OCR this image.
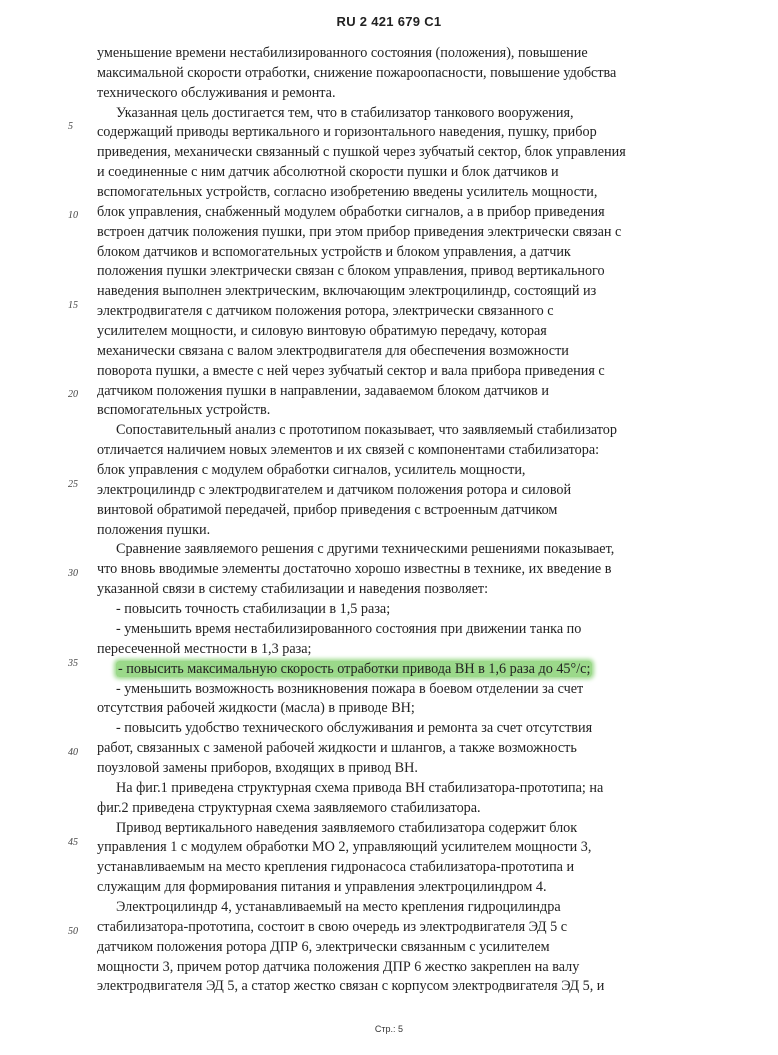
RU 2 421 679 C1
5
10
15
20
25
30
35
40
45
50
уменьшение времени нестабилизированного состояния (положения), повышение
максимальной скорости отработки, снижение пожароопасности, повышение удобства
технического обслуживания и ремонта.
Указанная цель достигается тем, что в стабилизатор танкового вооружения,
содержащий приводы вертикального и горизонтального наведения, пушку, прибор
приведения, механически связанный с пушкой через зубчатый сектор, блок управления
и соединенные с ним датчик абсолютной скорости пушки и блок датчиков и
вспомогательных устройств, согласно изобретению введены усилитель мощности,
блок управления, снабженный модулем обработки сигналов, а в прибор приведения
встроен датчик положения пушки, при этом прибор приведения электрически связан с
блоком датчиков и вспомогательных устройств и блоком управления, а датчик
положения пушки электрически связан с блоком управления, привод вертикального
наведения выполнен электрическим, включающим электроцилиндр, состоящий из
электродвигателя с датчиком положения ротора, электрически связанного с
усилителем мощности, и силовую винтовую обратимую передачу, которая
механически связана с валом электродвигателя для обеспечения возможности
поворота пушки, а вместе с ней через зубчатый сектор и вала прибора приведения с
датчиком положения пушки в направлении, задаваемом блоком датчиков и
вспомогательных устройств.
Сопоставительный анализ с прототипом показывает, что заявляемый стабилизатор
отличается наличием новых элементов и их связей с компонентами стабилизатора:
блок управления с модулем обработки сигналов, усилитель мощности,
электроцилиндр с электродвигателем и датчиком положения ротора и силовой
винтовой обратимой передачей, прибор приведения с встроенным датчиком
положения пушки.
Сравнение заявляемого решения с другими техническими решениями показывает,
что вновь вводимые элементы достаточно хорошо известны в технике, их введение в
указанной связи в систему стабилизации и наведения позволяет:
- повысить точность стабилизации в 1,5 раза;
- уменьшить время нестабилизированного состояния при движении танка по
пересеченной местности в 1,3 раза;
- повысить максимальную скорость отработки привода ВН в 1,6 раза до 45°/с;
- уменьшить возможность возникновения пожара в боевом отделении за счет
отсутствия рабочей жидкости (масла) в приводе ВН;
- повысить удобство технического обслуживания и ремонта за счет отсутствия
работ, связанных с заменой рабочей жидкости и шлангов, а также возможность
поузловой замены приборов, входящих в привод ВН.
На фиг.1 приведена структурная схема привода ВН стабилизатора-прототипа; на
фиг.2 приведена структурная схема заявляемого стабилизатора.
Привод вертикального наведения заявляемого стабилизатора содержит блок
управления 1 с модулем обработки МО 2, управляющий усилителем мощности 3,
устанавливаемым на место крепления гидронасоса стабилизатора-прототипа и
служащим для формирования питания и управления электроцилиндром 4.
Электроцилиндр 4, устанавливаемый на место крепления гидроцилиндра
стабилизатора-прототипа, состоит в свою очередь из электродвигателя ЭД 5 с
датчиком положения ротора ДПР 6, электрически связанным с усилителем
мощности 3, причем ротор датчика положения ДПР 6 жестко закреплен на валу
электродвигателя ЭД 5, а статор жестко связан с корпусом электродвигателя ЭД 5, и
Стр.: 5
